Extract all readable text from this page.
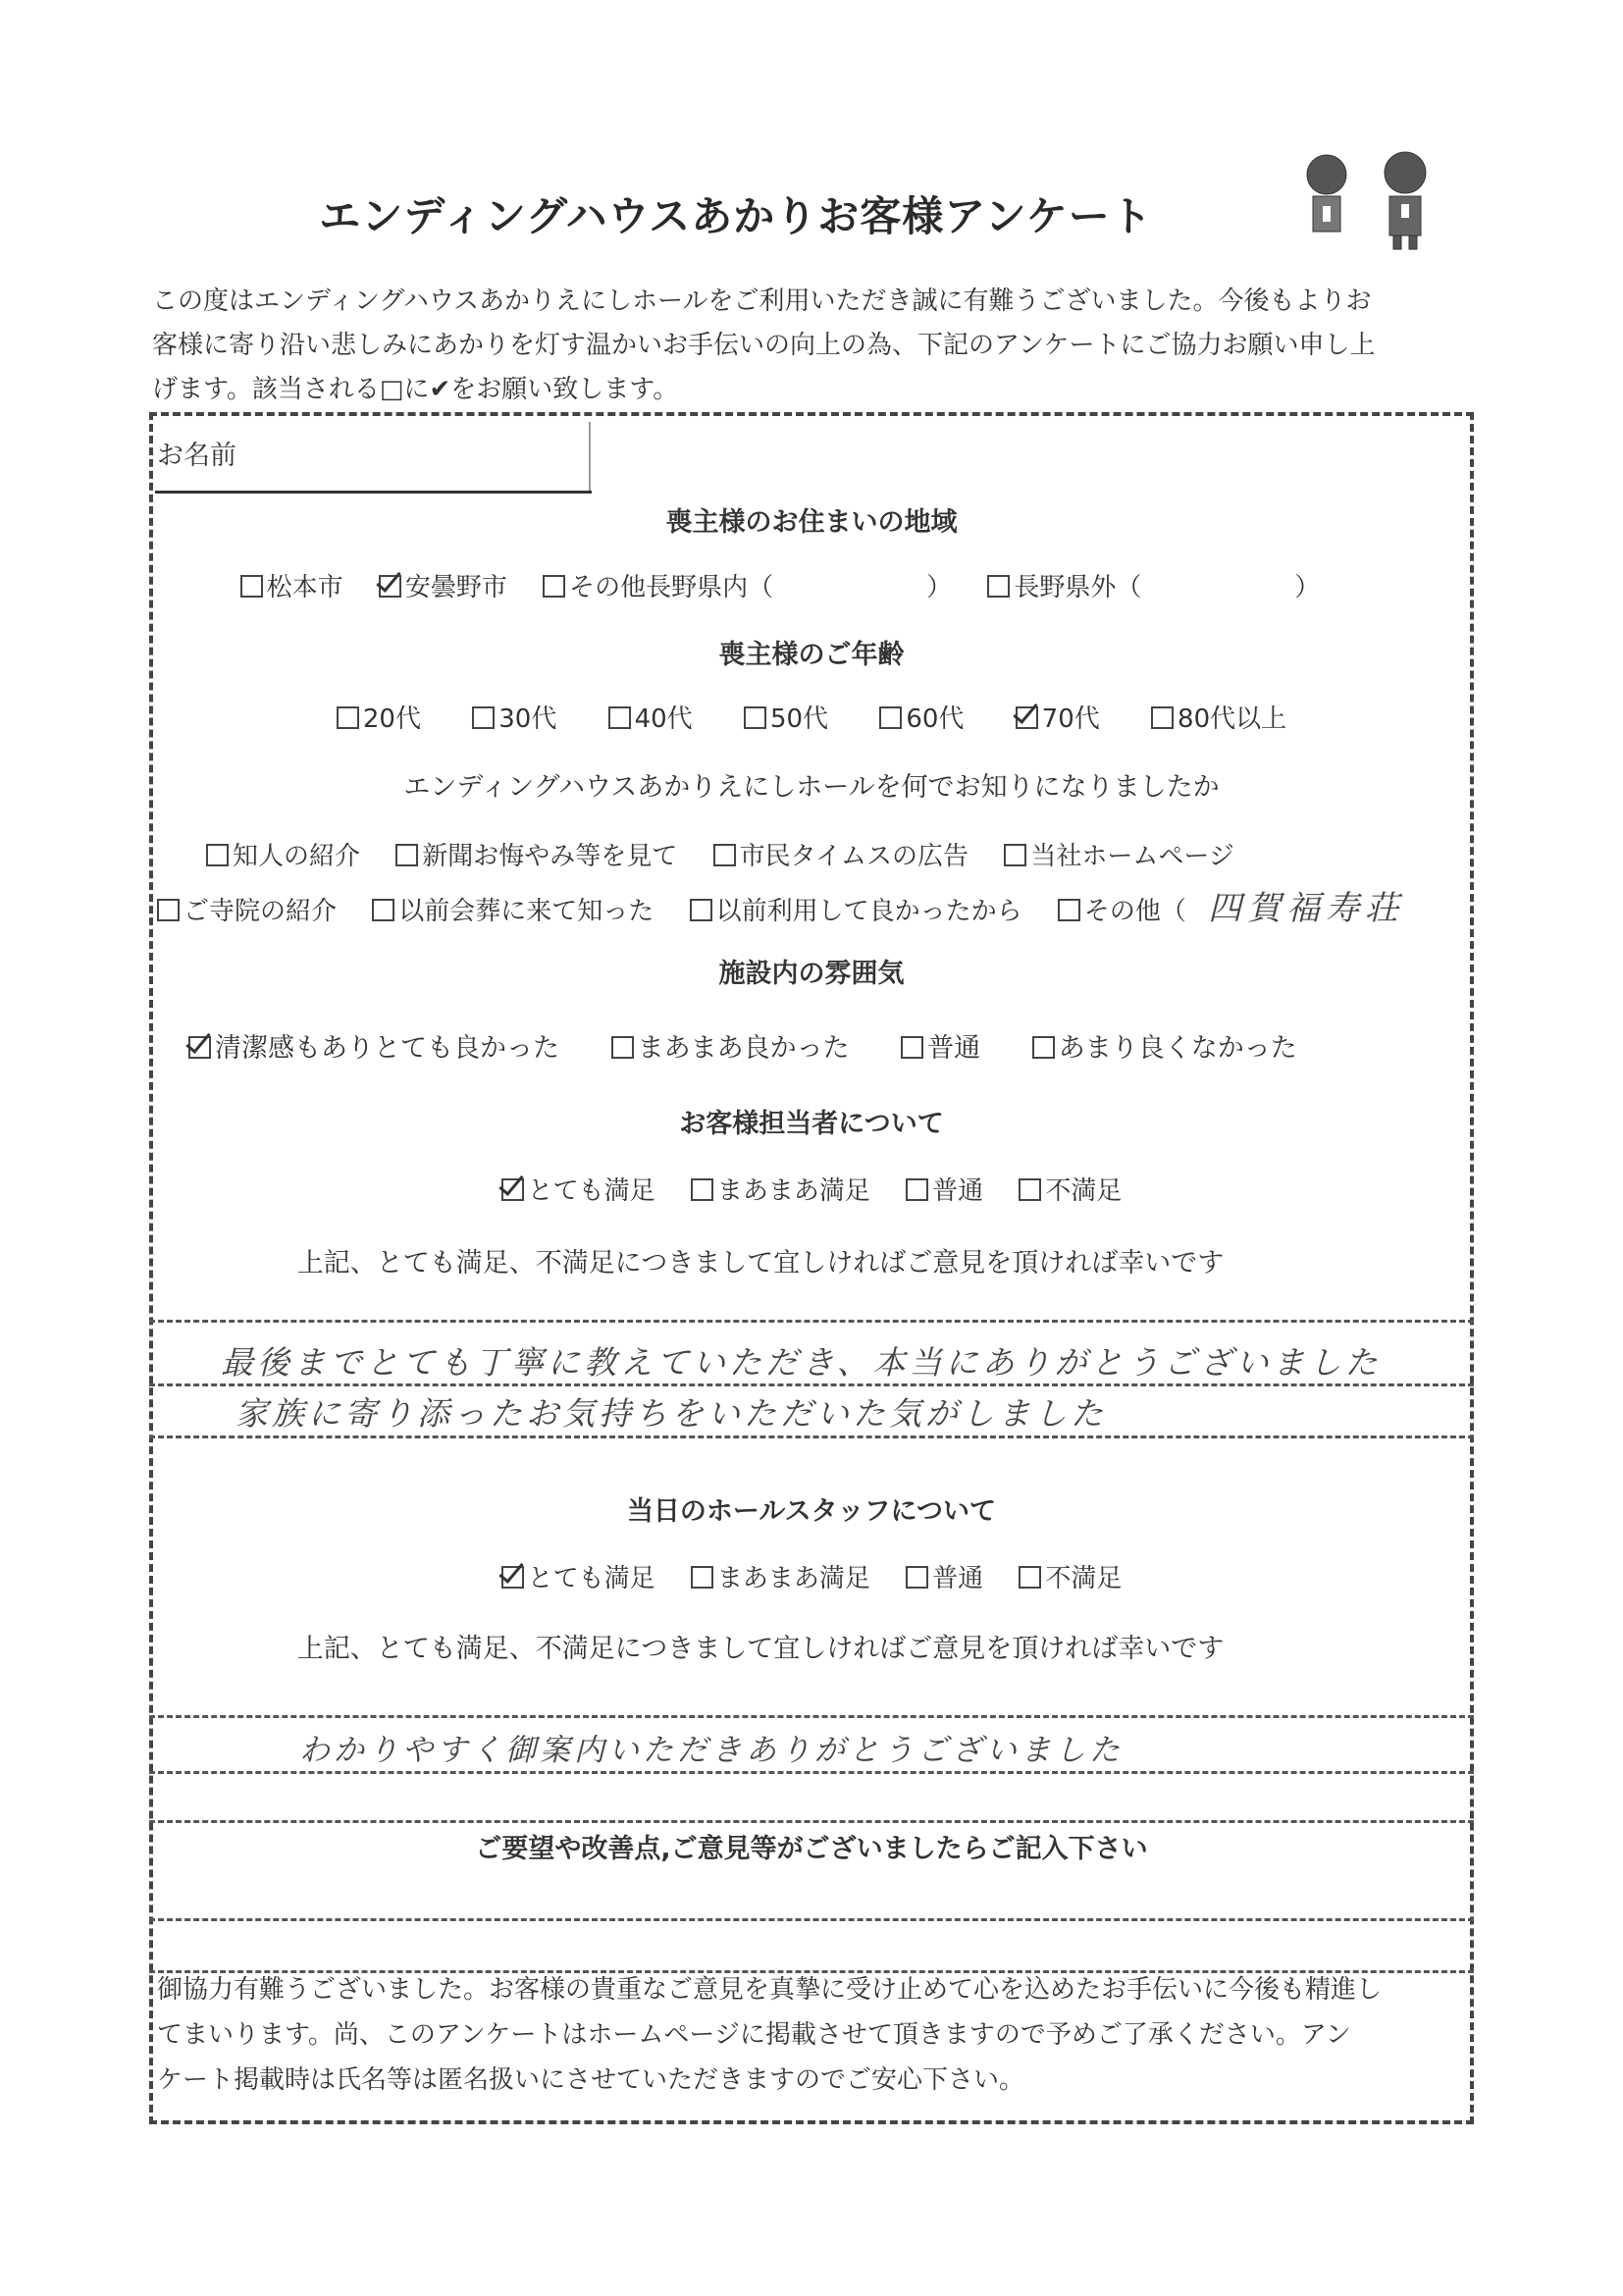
エンディングハウスあかりお客様アンケート

この度はエンディングハウスあかりえにしホールをご利用いただき誠に有難うございました。今後もよりお

客様に寄り沿い悲しみにあかりを灯す温かいお手伝いの向上の為、下記のアンケートにご協力お願い申し上

げます。該当される□に✔をお願い致します。

お名前
喪主様のお住まいの地域
松本市 安曇野市 その他長野県内（　　　　　　） 長野県外（　　　　　　）
喪主様のご年齢
20代	30代	40代	50代	60代	70代	80代以上
エンディングハウスあかりえにしホールを何でお知りになりましたか
知人の紹介 新聞お悔やみ等を見て 市民タイムスの広告 当社ホームページ
ご寺院の紹介 以前会葬に来て知った 以前利用して良かったから その他（ 四賀福寿荘
施設内の雰囲気
清潔感もありとても良かった	まあまあ良かった	普通	あまり良くなかった
お客様担当者について
とても満足 まあまあ満足 普通 不満足
上記、とても満足、不満足につきまして宜しければご意見を頂ければ幸いです
最後までとても丁寧に教えていただき、本当にありがとうございました
家族に寄り添ったお気持ちをいただいた気がしました
当日のホールスタッフについて
とても満足 まあまあ満足 普通 不満足
上記、とても満足、不満足につきまして宜しければご意見を頂ければ幸いです
わかりやすく御案内いただきありがとうございました
ご要望や改善点,ご意見等がございましたらご記入下さい

御協力有難うございました。お客様の貴重なご意見を真摯に受け止めて心を込めたお手伝いに今後も精進し

てまいります。尚、このアンケートはホームページに掲載させて頂きますので予めご了承ください。アン

ケート掲載時は氏名等は匿名扱いにさせていただきますのでご安心下さい。
